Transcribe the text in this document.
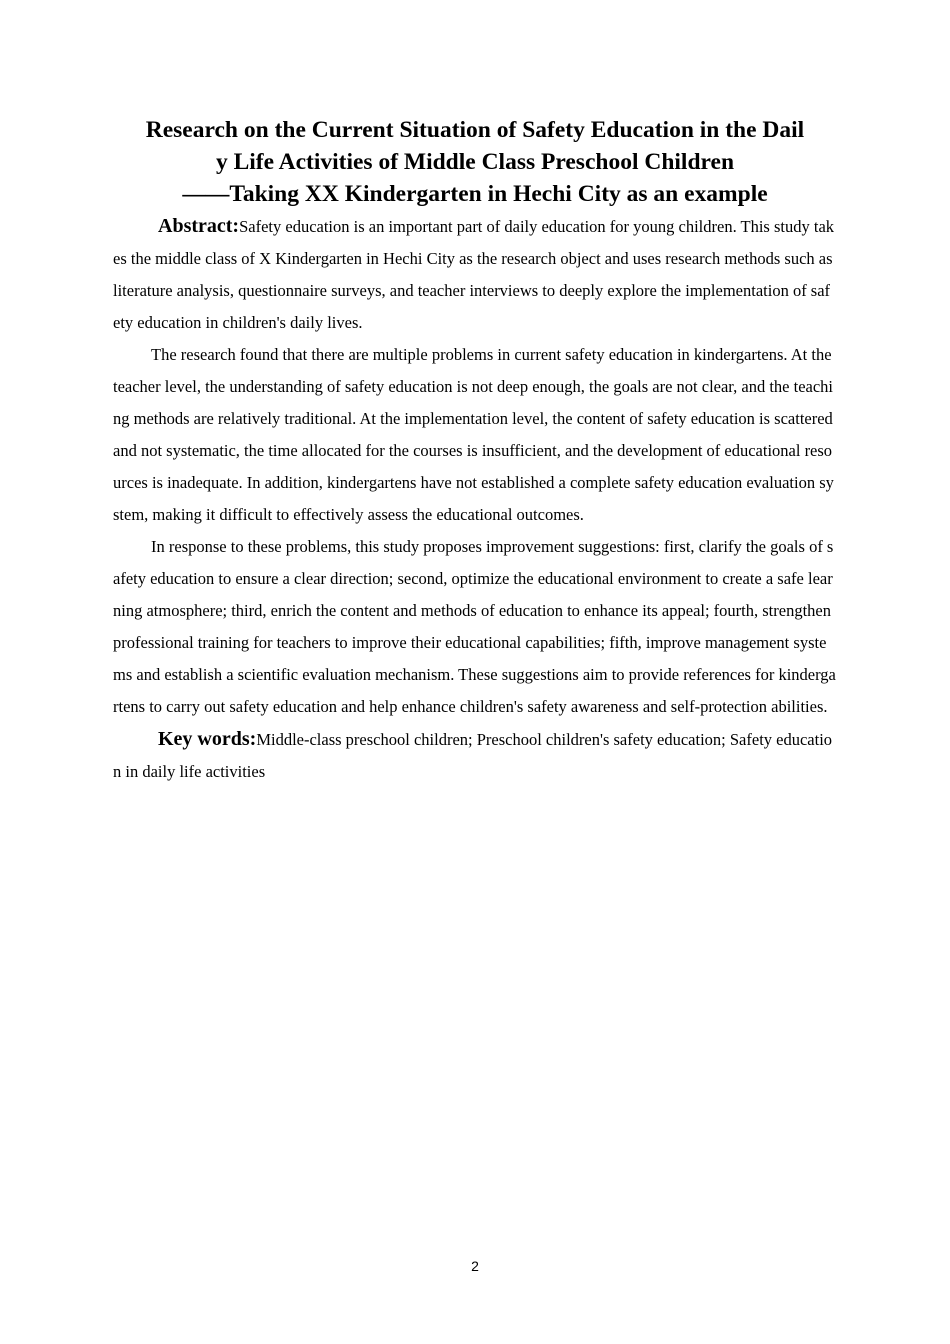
Research on the Current Situation of Safety Education in the Dail
y Life Activities of Middle Class Preschool Children
——Taking XX Kindergarten in Hechi City as an example

Abstract:Safety education is an important part of daily education for young children. This study takes the middle class of X Kindergarten in Hechi City as the research object and uses research methods such as literature analysis, questionnaire surveys, and teacher interviews to deeply explore the implementation of safety education in children's daily lives.

The research found that there are multiple problems in current safety education in kindergartens. At the teacher level, the understanding of safety education is not deep enough, the goals are not clear, and the teaching methods are relatively traditional. At the implementation level, the content of safety education is scattered and not systematic, the time allocated for the courses is insufficient, and the development of educational resources is inadequate. In addition, kindergartens have not established a complete safety education evaluation system, making it difficult to effectively assess the educational outcomes.

In response to these problems, this study proposes improvement suggestions: first, clarify the goals of safety education to ensure a clear direction; second, optimize the educational environment to create a safe learning atmosphere; third, enrich the content and methods of education to enhance its appeal; fourth, strengthen professional training for teachers to improve their educational capabilities; fifth, improve management systems and establish a scientific evaluation mechanism. These suggestions aim to provide references for kindergartens to carry out safety education and help enhance children's safety awareness and self-protection abilities.

Key words:Middle-class preschool children; Preschool children's safety education; Safety education in daily life activities

2
